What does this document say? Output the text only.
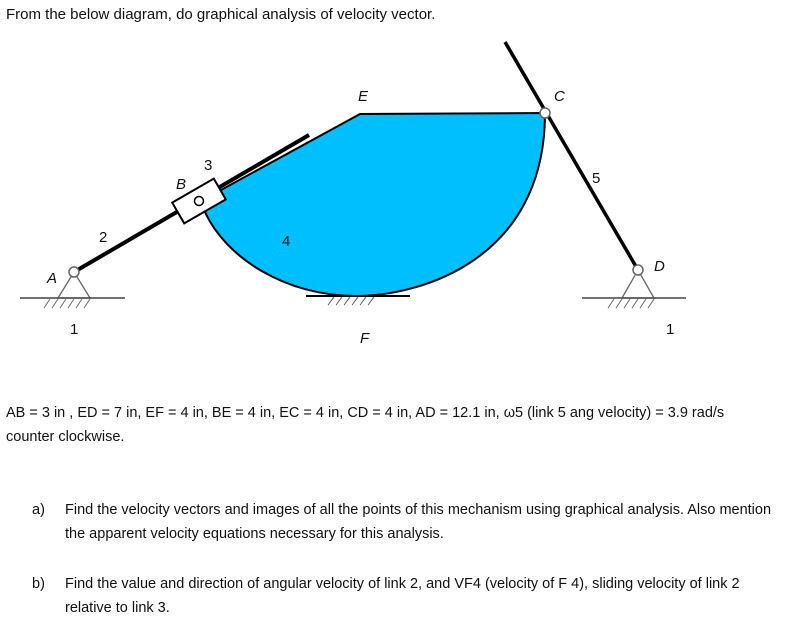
From the below diagram, do graphical analysis of velocity vector.
A
1
2
B
3
4
E
F
C
5
D
1
AB = 3 in , ED = 7 in, EF = 4 in, BE = 4 in, EC = 4 in, CD = 4 in, AD = 12.1 in, ω5 (link 5 ang velocity) = 3.9 rad/s counter clockwise.
a) Find the velocity vectors and images of all the points of this mechanism using graphical analysis. Also mention the apparent velocity equations necessary for this analysis.
b) Find the value and direction of angular velocity of link 2, and VF4 (velocity of F 4), sliding velocity of link 2 relative to link 3.
